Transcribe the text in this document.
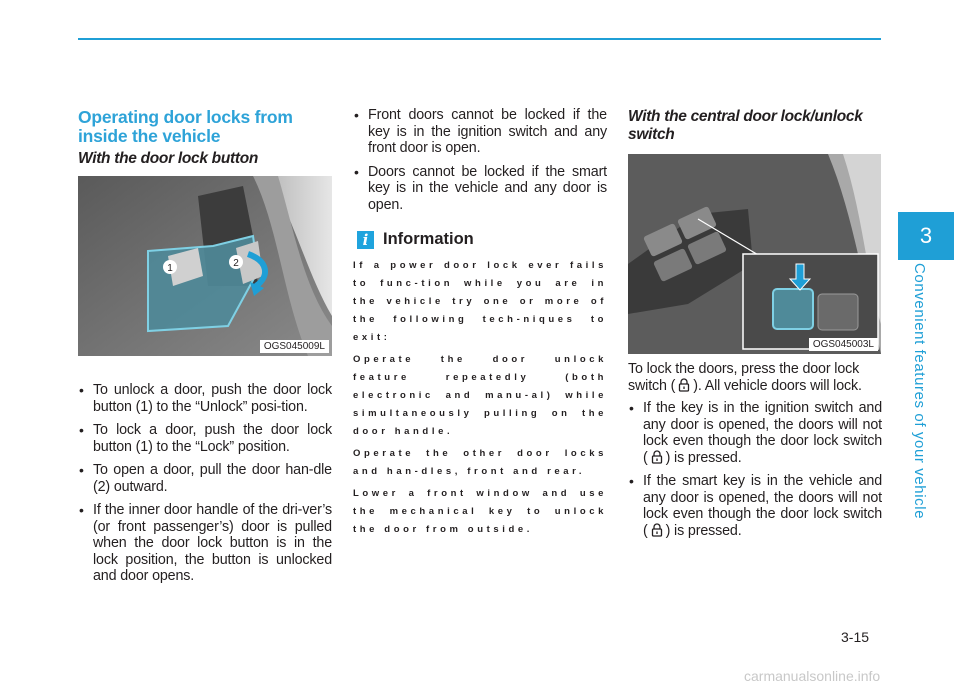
Operating door locks from inside the vehicle
With the door lock button
1	2
OGS045009L
• To unlock a door, push the door lock button (1) to the “Unlock” posi-tion.
• To lock a door, push the door lock button (1) to the “Lock” position.
• To open a door, pull the door han-dle (2) outward.
• If the inner door handle of the dri-ver’s (or front passenger’s) door is pulled when the door lock button is in the lock position, the button is unlocked and door opens.
• Front doors cannot be locked if the key is in the ignition switch and any front door is open.
• Doors cannot be locked if the smart key is in the vehicle and any door is open.
i Information

If a power door lock ever fails to func-tion while you are in the vehicle try one or more of the following tech-niques to exit:

Operate the door unlock feature repeatedly (both electronic and manu-al) while simultaneously pulling on the door handle.

Operate the other door locks and han-dles, front and rear.

Lower a front window and use the mechanical key to unlock the door from outside.

With the central door lock/unlock switch
OGS045003L
To lock the doors, press the door lock switch ( ). All vehicle doors will lock.
• If the key is in the ignition switch and any door is opened, the doors will not lock even though the door lock switch ( ) is pressed.
• If the smart key is in the vehicle and any door is opened, the doors will not lock even though the door lock switch ( ) is pressed.
3
Convenient features of your vehicle
3-15
carmanualsonline.info
